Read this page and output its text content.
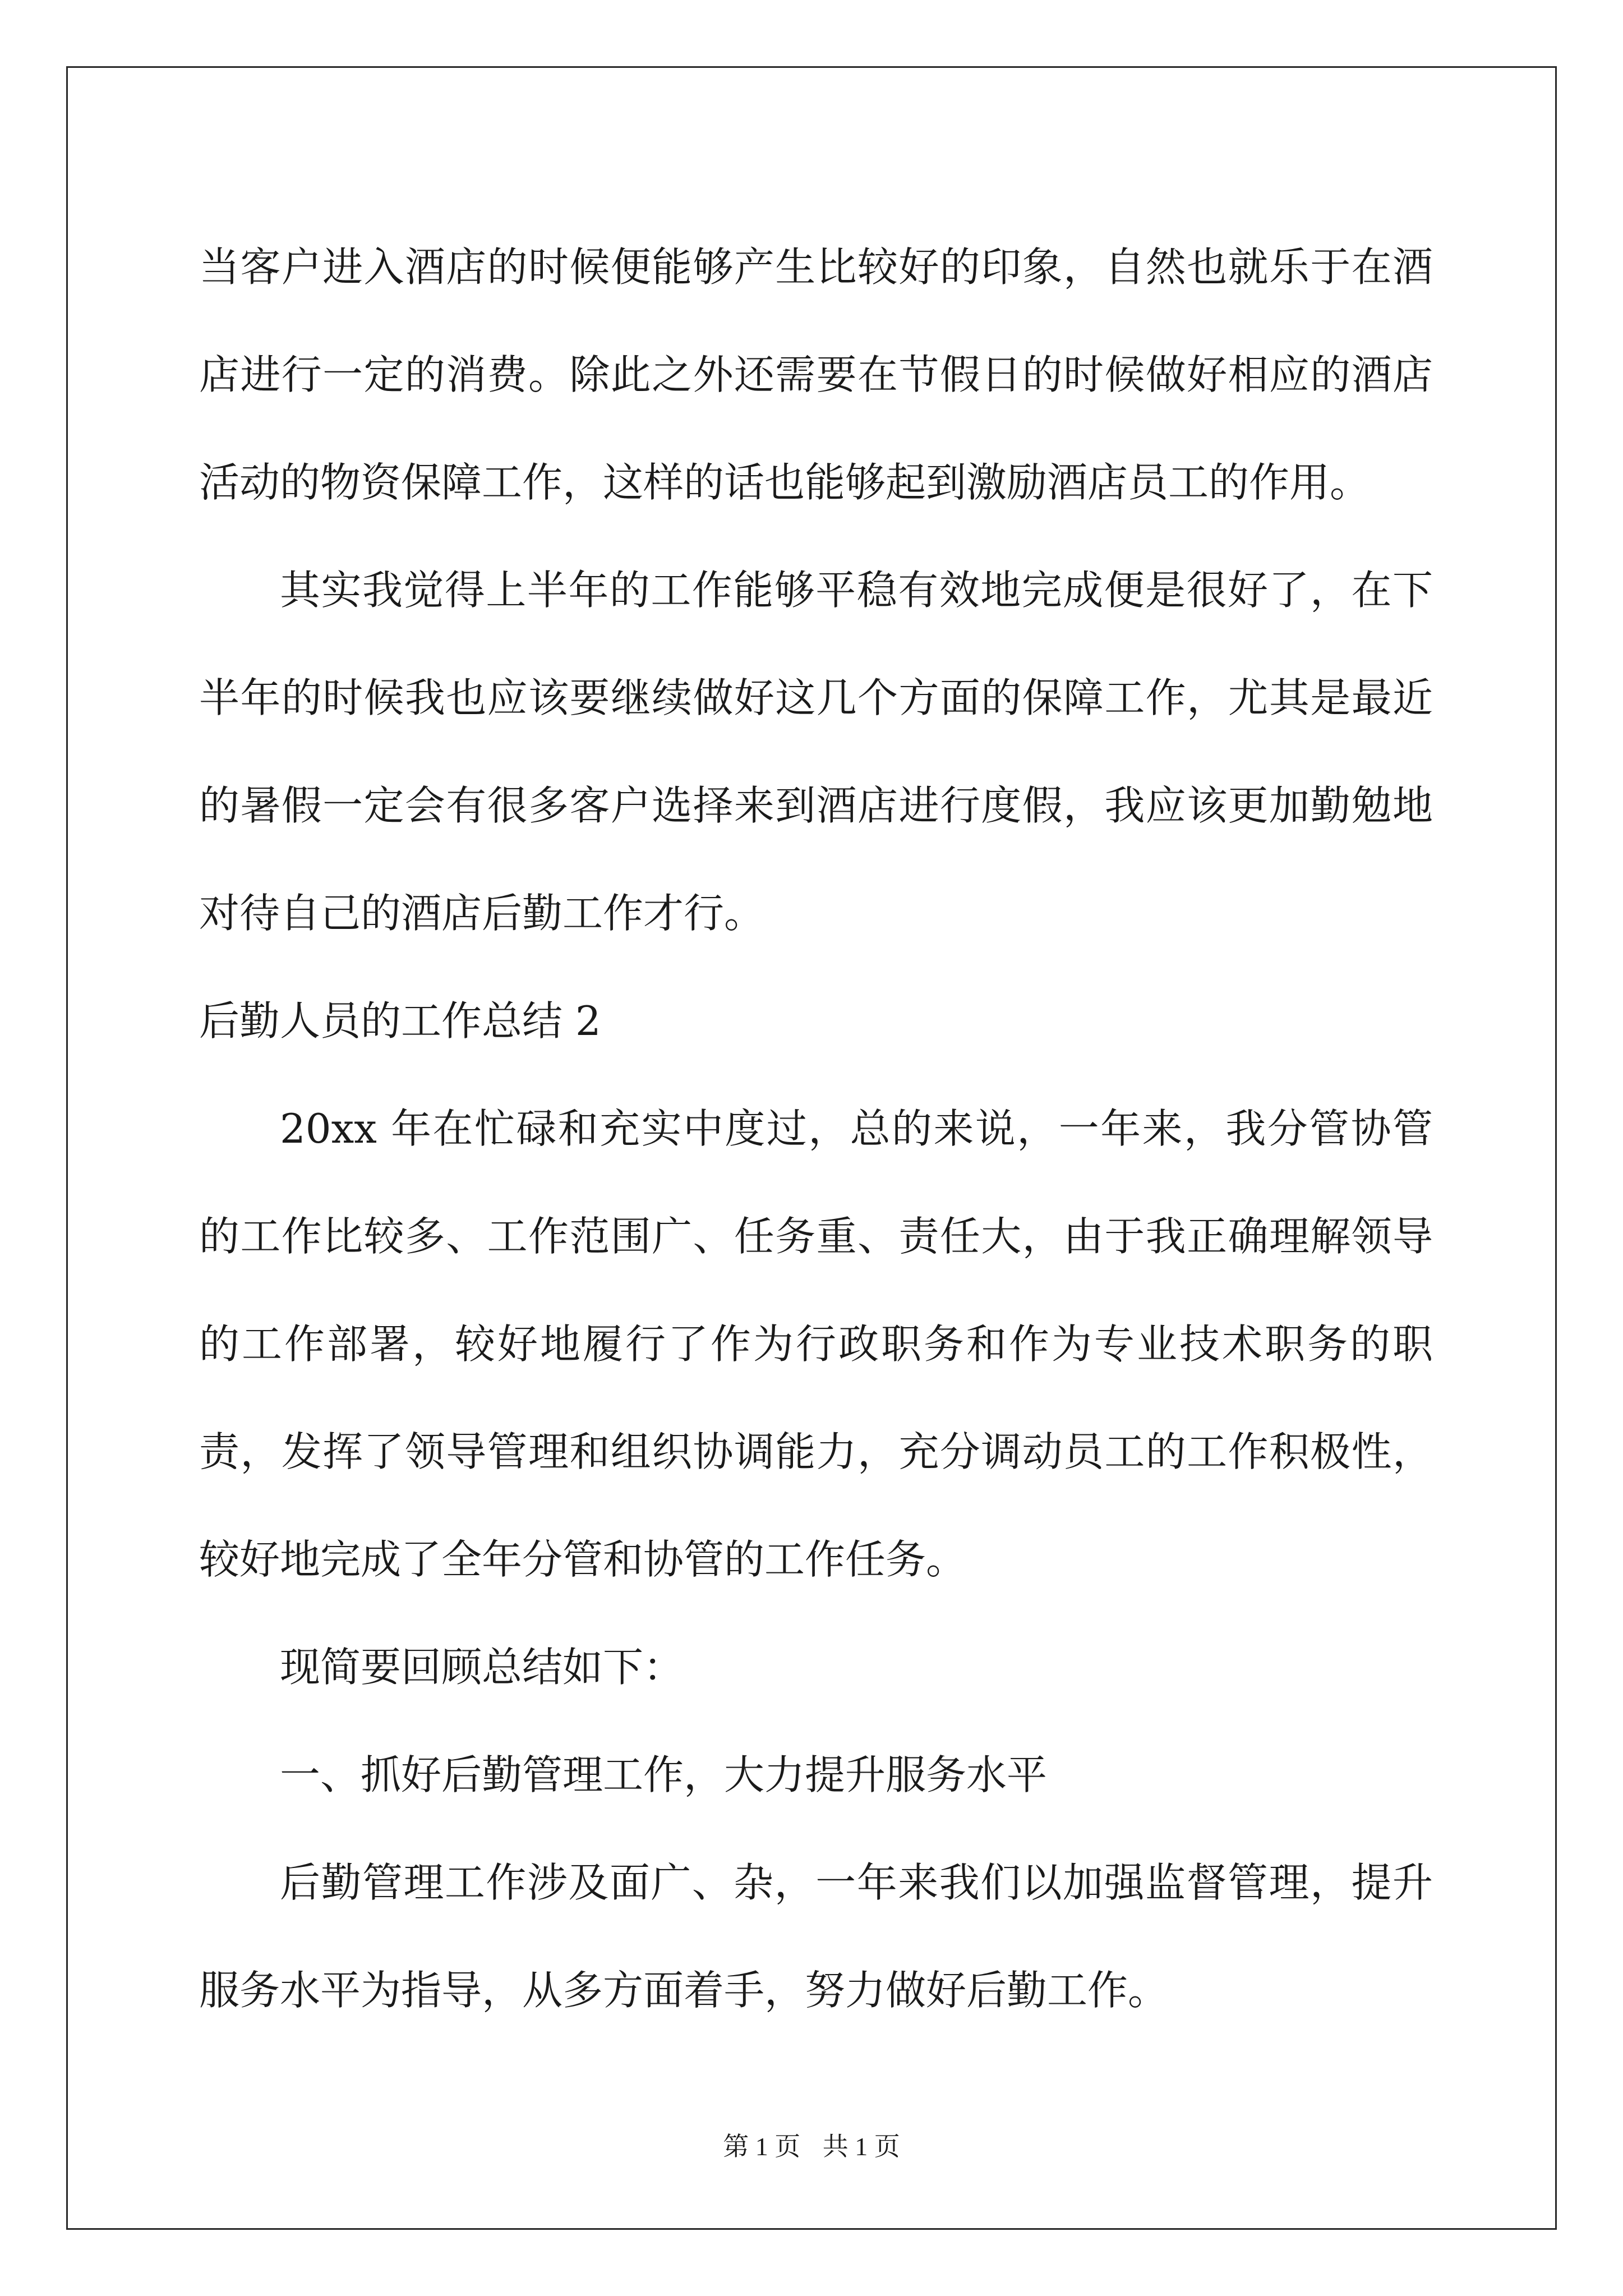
当客户进入酒店的时候便能够产生比较好的印象，自然也就乐于在酒店进行一定的消费。除此之外还需要在节假日的时候做好相应的酒店活动的物资保障工作，这样的话也能够起到激励酒店员工的作用。

其实我觉得上半年的工作能够平稳有效地完成便是很好了，在下半年的时候我也应该要继续做好这几个方面的保障工作，尤其是最近的暑假一定会有很多客户选择来到酒店进行度假，我应该更加勤勉地对待自己的酒店后勤工作才行。

后勤人员的工作总结 2

20xx 年在忙碌和充实中度过，总的来说，一年来，我分管协管的工作比较多、工作范围广、任务重、责任大，由于我正确理解领导的工作部署，较好地履行了作为行政职务和作为专业技术职务的职责，发挥了领导管理和组织协调能力，充分调动员工的工作积极性，较好地完成了全年分管和协管的工作任务。

现简要回顾总结如下：

一、抓好后勤管理工作，大力提升服务水平

后勤管理工作涉及面广、杂，一年来我们以加强监督管理，提升服务水平为指导，从多方面着手，努力做好后勤工作。

第 1 页 共 1 页
